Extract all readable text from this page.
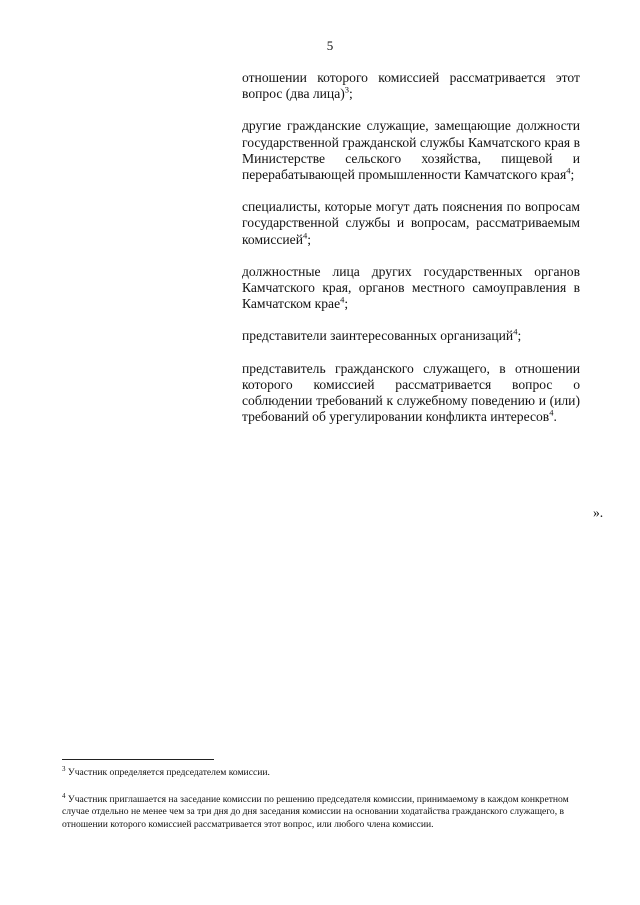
5

отношении которого комиссией рассматривается этот вопрос (два лица)$^3$;

другие гражданские служащие, замещающие должности государственной гражданской службы Камчатского края в Министерстве сельского хозяйства, пищевой и перерабатывающей промышленности Камчатского края$^4$;

специалисты, которые могут дать пояснения по вопросам государственной службы и вопросам, рассматриваемым комиссией$^4$;

должностные лица других государственных органов Камчатского края, органов местного самоуправления в Камчатском крае$^4$;

представители заинтересованных организаций$^4$;

представитель гражданского служащего, в отношении которого комиссией рассматривается вопрос о соблюдении требований к служебному поведению и (или) требований об урегулировании конфликта интересов$^4$.

».

$^3$ Участник определяется председателем комиссии.

$^4$ Участник приглашается на заседание комиссии по решению председателя комиссии, принимаемому в каждом конкретном случае отдельно не менее чем за три дня до дня заседания комиссии на основании ходатайства гражданского служащего, в отношении которого комиссией рассматривается этот вопрос, или любого члена комиссии.
